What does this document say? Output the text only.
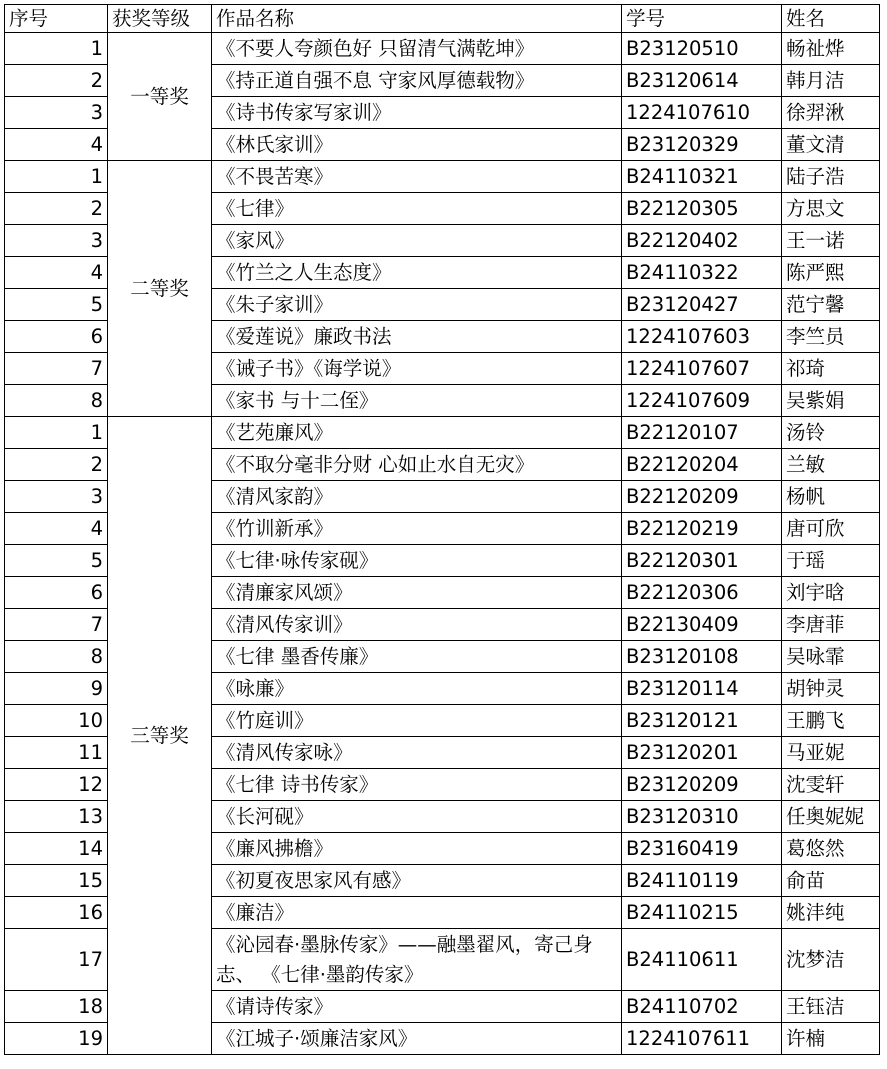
序号	获奖等级	作品名称	学号	姓名
1	一等奖	《不要人夸颜色好 只留清气满乾坤》	B23120510	畅祉烨
2		《持正道自强不息 守家风厚德载物》	B23120614	韩月洁
3		《诗书传家写家训》	1224107610	徐羿湫
4		《林氏家训》	B23120329	董文清
1	二等奖	《不畏苦寒》	B24110321	陆子浩
2		《七律》	B22120305	方思文
3		《家风》	B22120402	王一诺
4		《竹兰之人生态度》	B24110322	陈严熙
5		《朱子家训》	B23120427	范宁馨
6		《爱莲说》廉政书法	1224107603	李竺员
7		《诫子书》《诲学说》	1224107607	祁琦
8		《家书 与十二侄》	1224107609	吴紫娟
1	三等奖	《艺苑廉风》	B22120107	汤铃
2		《不取分毫非分财 心如止水自无灾》	B22120204	兰敏
3		《清风家韵》	B22120209	杨帆
4		《竹训新承》	B22120219	唐可欣
5		《七律·咏传家砚》	B22120301	于瑶
6		《清廉家风颂》	B22120306	刘宇晗
7		《清风传家训》	B22130409	李唐菲
8		《七律 墨香传廉》	B23120108	吴咏霏
9		《咏廉》	B23120114	胡钟灵
10		《竹庭训》	B23120121	王鹏飞
11		《清风传家咏》	B23120201	马亚妮
12		《七律 诗书传家》	B23120209	沈雯轩
13		《长河砚》	B23120310	任奥妮妮
14		《廉风拂檐》	B23160419	葛悠然
15		《初夏夜思家风有感》	B24110119	俞苗
16		《廉洁》	B24110215	姚沣纯
17		《沁园春·墨脉传家》——融墨翟风，寄己身志、 《七律·墨韵传家》	B24110611	沈梦洁
18		《请诗传家》	B24110702	王钰洁
19		《江城子·颂廉洁家风》	1224107611	许楠
